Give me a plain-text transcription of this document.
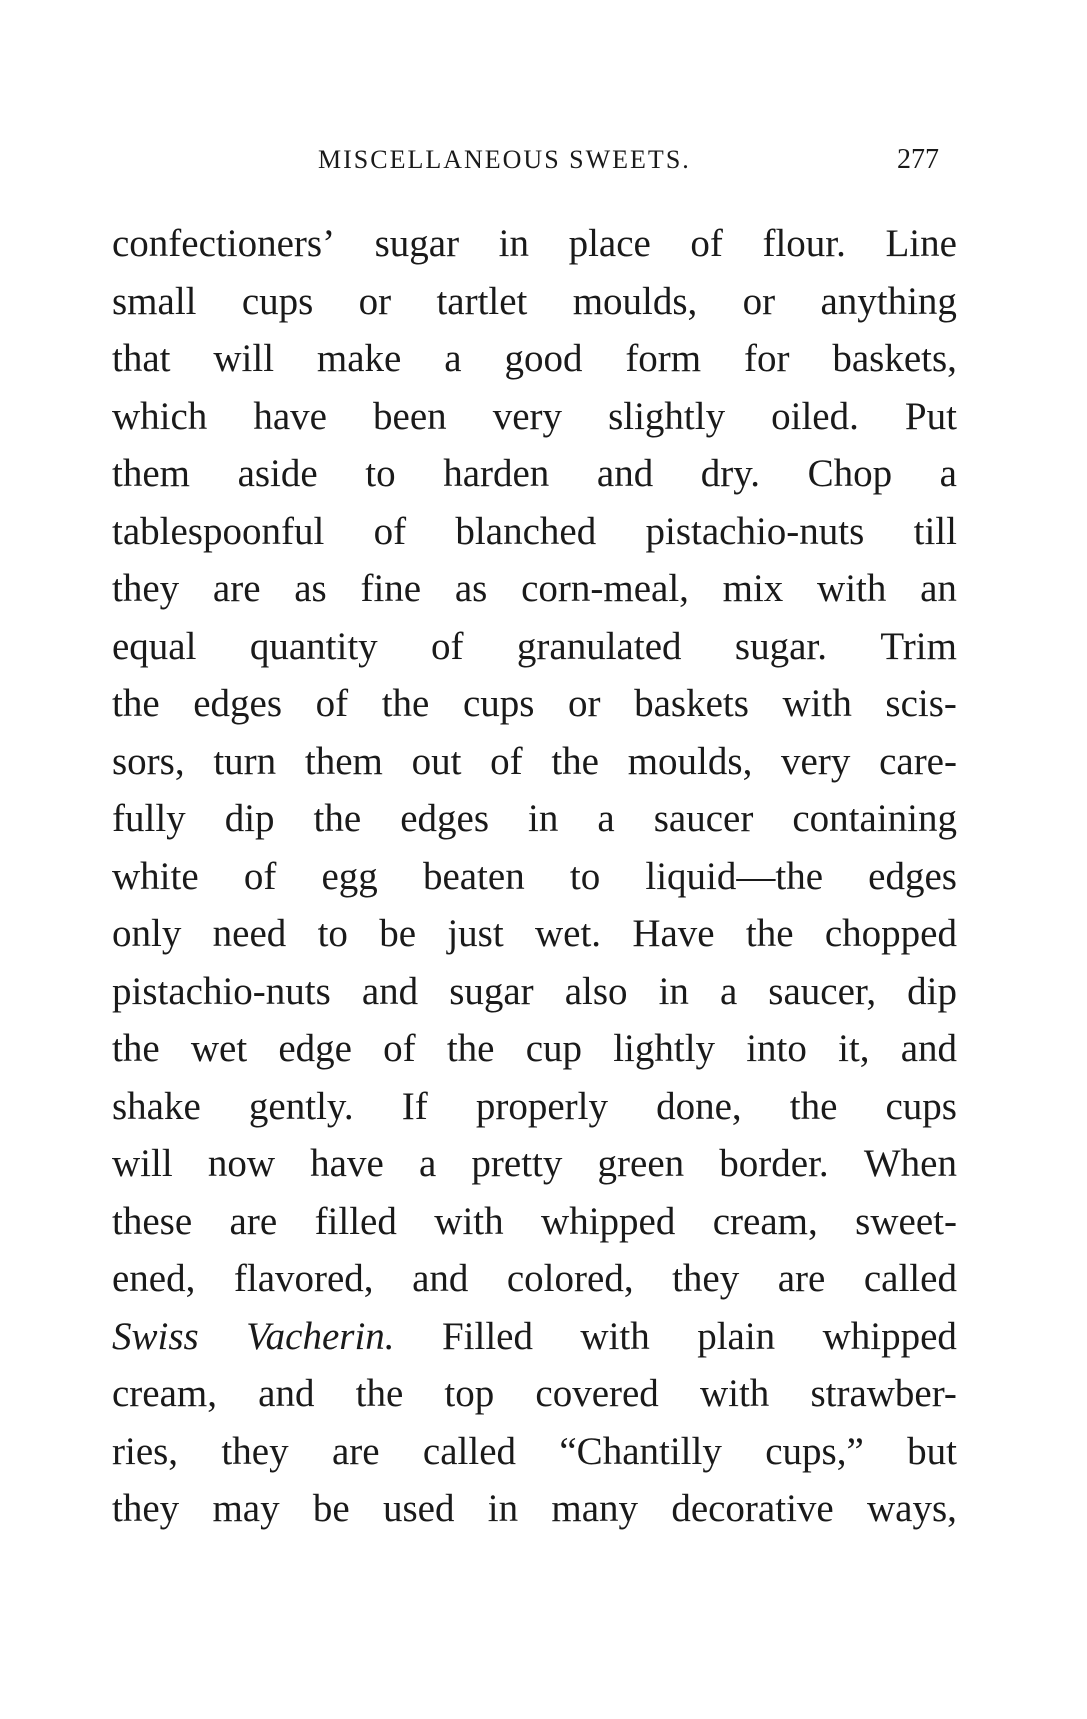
MISCELLANEOUS SWEETS.	277
confectioners’ sugar in place of flour. Line
small cups or tartlet moulds, or anything
that will make a good form for baskets,
which have been very slightly oiled. Put
them aside to harden and dry. Chop a
tablespoonful of blanched pistachio-nuts till
they are as fine as corn-meal, mix with an
equal quantity of granulated sugar. Trim
the edges of the cups or baskets with scis-
sors, turn them out of the moulds, very care-
fully dip the edges in a saucer containing
white of egg beaten to liquid—the edges
only need to be just wet. Have the chopped
pistachio-nuts and sugar also in a saucer, dip
the wet edge of the cup lightly into it, and
shake gently. If properly done, the cups
will now have a pretty green border. When
these are filled with whipped cream, sweet-
ened, flavored, and colored, they are called
Swiss Vacherin. Filled with plain whipped
cream, and the top covered with strawber-
ries, they are called “Chantilly cups,” but
they may be used in many decorative ways,
